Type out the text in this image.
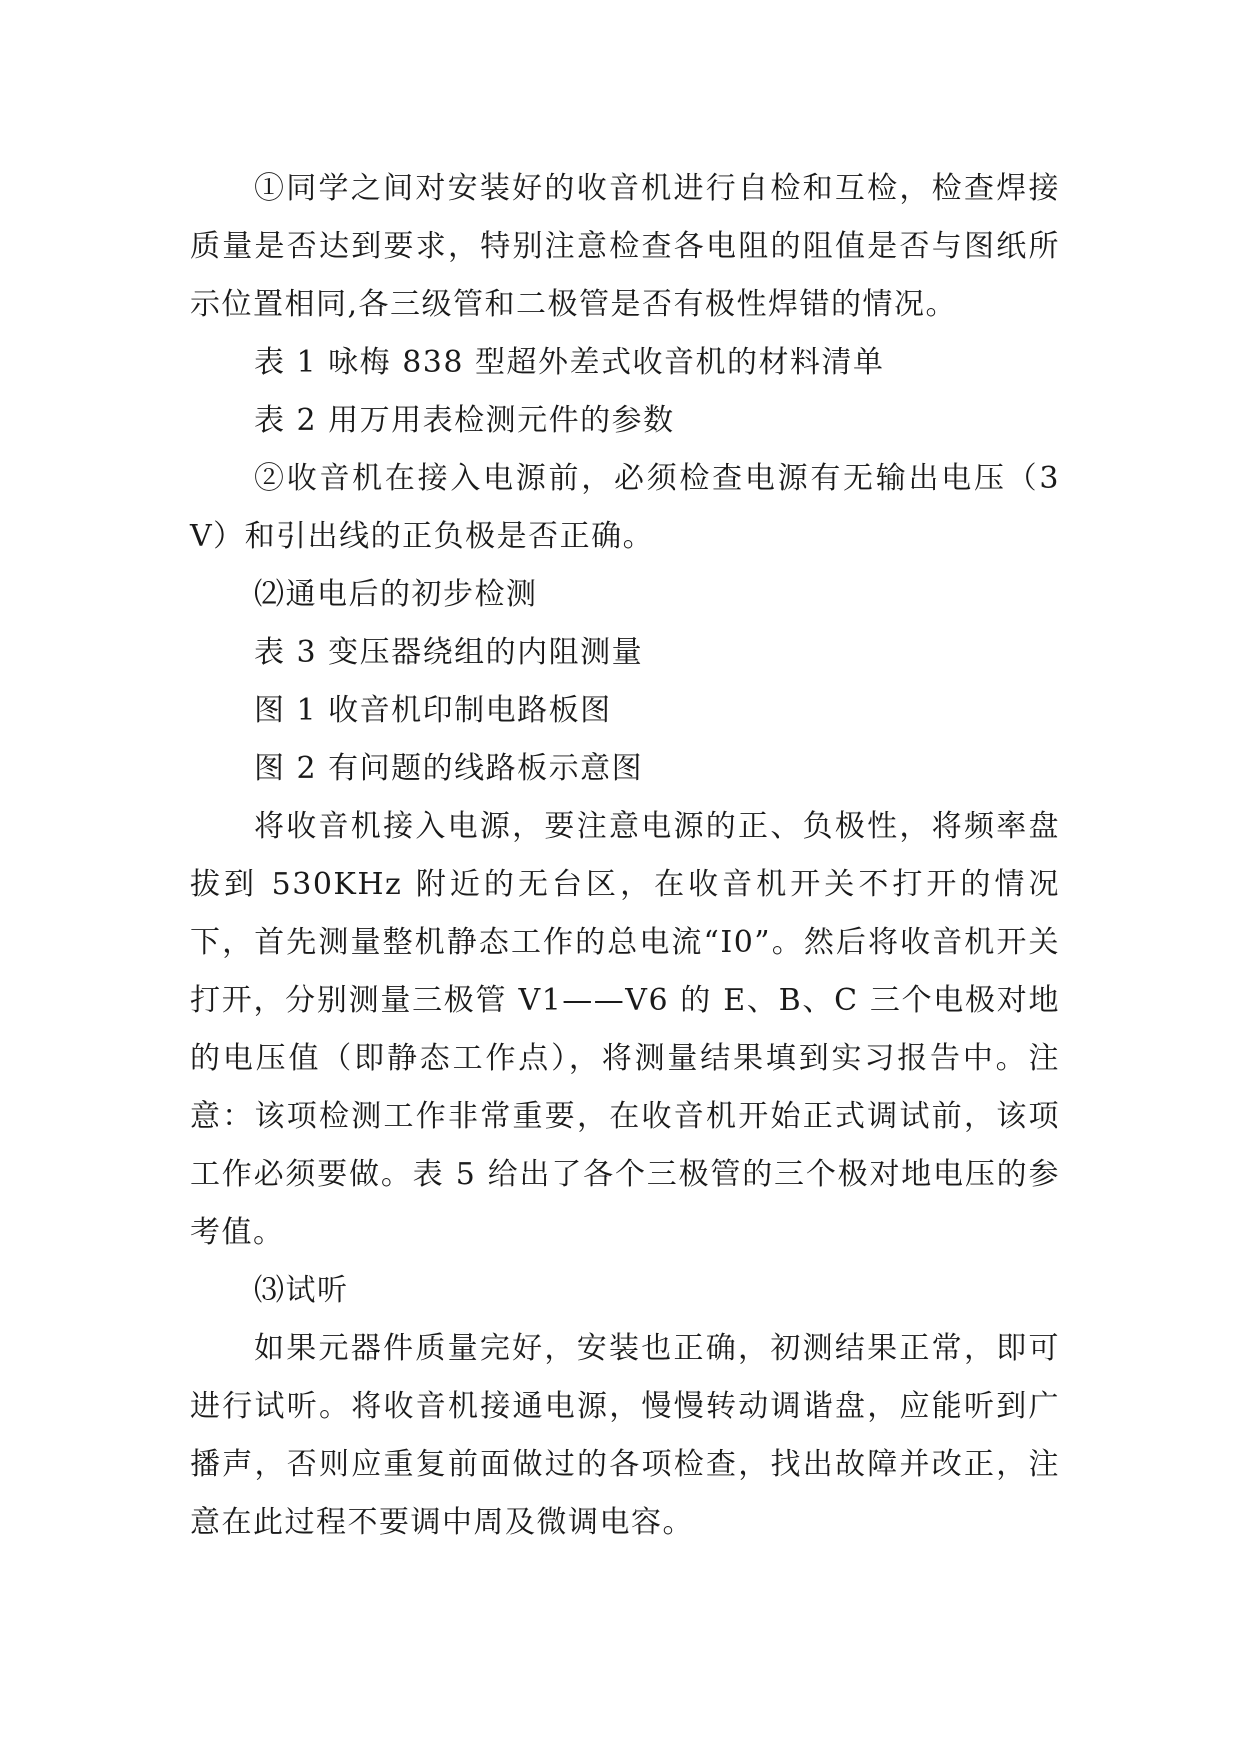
①同学之间对安装好的收音机进行自检和互检，检查焊接质量是否达到要求，特别注意检查各电阻的阻值是否与图纸所示位置相同,各三级管和二极管是否有极性焊错的情况。

表 1 咏梅 838 型超外差式收音机的材料清单

表 2 用万用表检测元件的参数

②收音机在接入电源前，必须检查电源有无输出电压（3V）和引出线的正负极是否正确。

⑵通电后的初步检测

表 3 变压器绕组的内阻测量

图 1 收音机印制电路板图

图 2 有问题的线路板示意图

将收音机接入电源，要注意电源的正、负极性，将频率盘拔到 530KHz 附近的无台区，在收音机开关不打开的情况下，首先测量整机静态工作的总电流“I0”。然后将收音机开关打开，分别测量三极管 V1——V6 的 E、B、C 三个电极对地的电压值（即静态工作点），将测量结果填到实习报告中。注意：该项检测工作非常重要，在收音机开始正式调试前，该项工作必须要做。表 5 给出了各个三极管的三个极对地电压的参考值。

⑶试听

如果元器件质量完好，安装也正确，初测结果正常，即可进行试听。将收音机接通电源，慢慢转动调谐盘，应能听到广播声，否则应重复前面做过的各项检查，找出故障并改正，注意在此过程不要调中周及微调电容。
